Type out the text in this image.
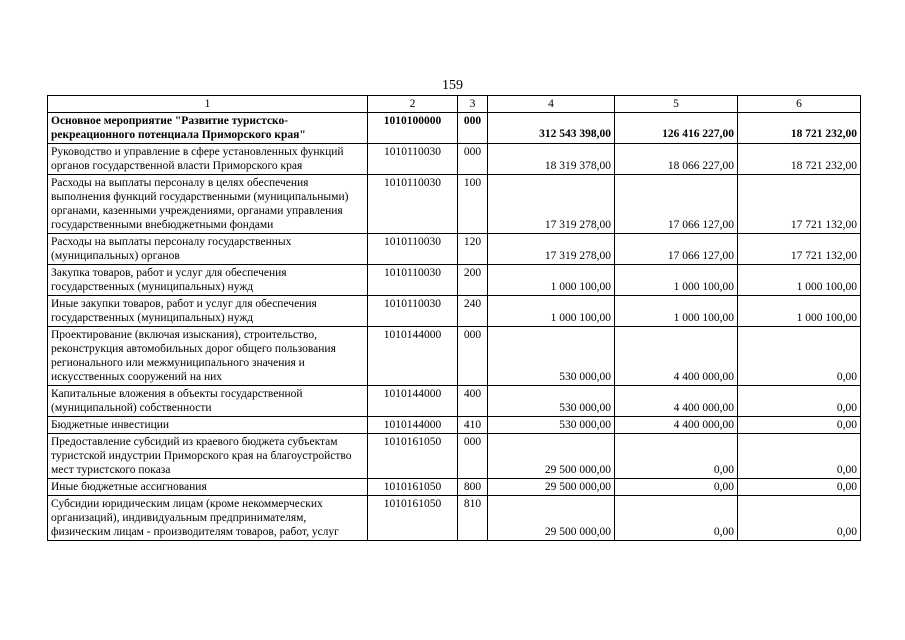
159
1	2	3	4	5	6
Основное мероприятие "Развитие туристско-рекреационного потенциала Приморского края"	1010100000	000	312 543 398,00	126 416 227,00	18 721 232,00
Руководство и управление в сфере установленных функций органов государственной власти Приморского края	1010110030	000	18 319 378,00	18 066 227,00	18 721 232,00
Расходы на выплаты персоналу в целях обеспечения выполнения функций государственными (муниципальными) органами, казенными учреждениями, органами управления государственными внебюджетными фондами	1010110030	100	17 319 278,00	17 066 127,00	17 721 132,00
Расходы на выплаты персоналу государственных (муниципальных) органов	1010110030	120	17 319 278,00	17 066 127,00	17 721 132,00
Закупка товаров, работ и услуг для обеспечения государственных (муниципальных) нужд	1010110030	200	1 000 100,00	1 000 100,00	1 000 100,00
Иные закупки товаров, работ и услуг для обеспечения государственных (муниципальных) нужд	1010110030	240	1 000 100,00	1 000 100,00	1 000 100,00
Проектирование (включая изыскания), строительство, реконструкция автомобильных дорог общего пользования регионального или межмуниципального значения и искусственных сооружений на них	1010144000	000	530 000,00	4 400 000,00	0,00
Капитальные вложения в объекты государственной (муниципальной) собственности	1010144000	400	530 000,00	4 400 000,00	0,00
Бюджетные инвестиции	1010144000	410	530 000,00	4 400 000,00	0,00
Предоставление субсидий из краевого бюджета субъектам туристской индустрии Приморского края на благоустройство мест туристского показа	1010161050	000	29 500 000,00	0,00	0,00
Иные бюджетные ассигнования	1010161050	800	29 500 000,00	0,00	0,00
Субсидии юридическим лицам (кроме некоммерческих организаций), индивидуальным предпринимателям, физическим лицам - производителям товаров, работ, услуг	1010161050	810	29 500 000,00	0,00	0,00
